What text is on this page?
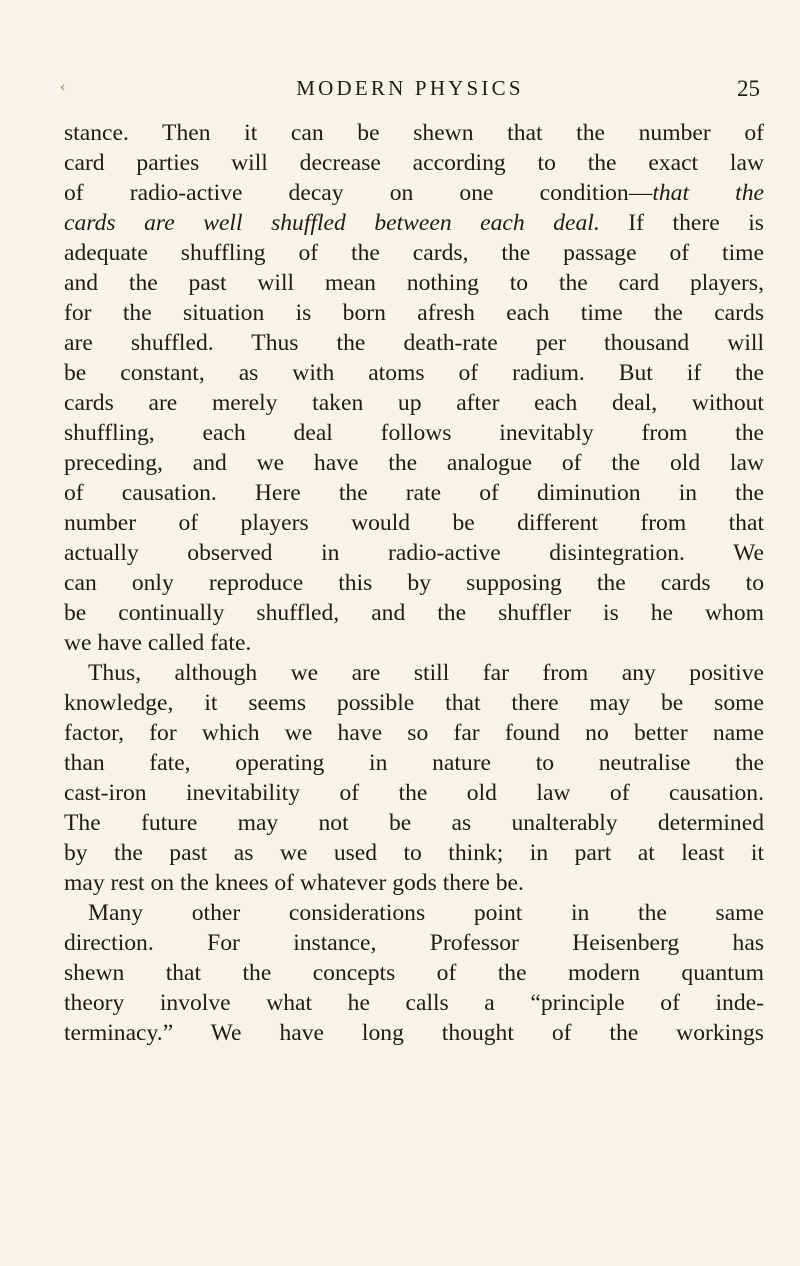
‹	MODERN PHYSICS	25
stance. Then it can be shewn that the number of
card parties will decrease according to the exact law
of radio-active decay on one condition—that the
cards are well shuffled between each deal. If there is
adequate shuffling of the cards, the passage of time
and the past will mean nothing to the card players,
for the situation is born afresh each time the cards
are shuffled. Thus the death-rate per thousand will
be constant, as with atoms of radium. But if the
cards are merely taken up after each deal, without
shuffling, each deal follows inevitably from the
preceding, and we have the analogue of the old law
of causation. Here the rate of diminution in the
number of players would be different from that
actually observed in radio-active disintegration. We
can only reproduce this by supposing the cards to
be continually shuffled, and the shuffler is he whom
we have called fate.
Thus, although we are still far from any positive
knowledge, it seems possible that there may be some
factor, for which we have so far found no better name
than fate, operating in nature to neutralise the
cast-iron inevitability of the old law of causation.
The future may not be as unalterably determined
by the past as we used to think; in part at least it
may rest on the knees of whatever gods there be.
Many other considerations point in the same
direction. For instance, Professor Heisenberg has
shewn that the concepts of the modern quantum
theory involve what he calls a “principle of inde-
terminacy.” We have long thought of the workings
